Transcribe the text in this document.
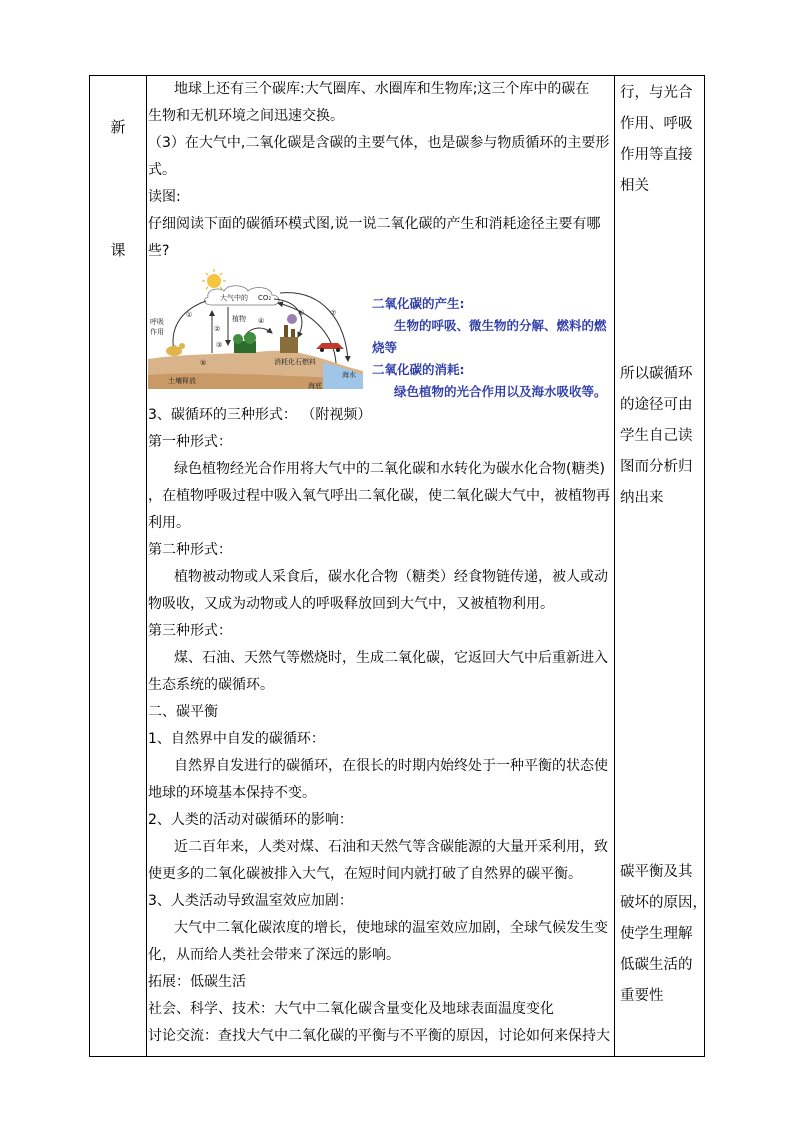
新
课

地球上还有三个碳库:大气圈库、水圈库和生物库;这三个库中的碳在

生物和无机环境之间迅速交换。

（3）在大气中,二氧化碳是含碳的主要气体，也是碳参与物质循环的主要形

式。

读图:

仔细阅读下面的碳循环模式图,说一说二氧化碳的产生和消耗途径主要有哪

些?

大气中的 CO₂
呼吸
作用
植物
消耗化石燃料
土壤释放
海水
海底
①
⑤
②
③
④
⑥	⑦
二氧化碳的产生:
生物的呼吸、微生物的分解、燃料的燃
烧等
二氧化碳的消耗:
绿色植物的光合作用以及海水吸收等。

3、碳循环的三种形式： （附视频）

第一种形式：

绿色植物经光合作用将大气中的二氧化碳和水转化为碳水化合物(糖类)

，在植物呼吸过程中吸入氧气呼出二氧化碳，使二氧化碳大气中，被植物再

利用。

第二种形式：

植物被动物或人采食后，碳水化合物（糖类）经食物链传递，被人或动

物吸收，又成为动物或人的呼吸释放回到大气中，又被植物利用。

第三种形式：

煤、石油、天然气等燃烧时，生成二氧化碳，它返回大气中后重新进入

生态系统的碳循环。

二、碳平衡

1、自然界中自发的碳循环：

自然界自发进行的碳循环，在很长的时期内始终处于一种平衡的状态使

地球的环境基本保持不变。

2、人类的活动对碳循环的影响：

近二百年来，人类对煤、石油和天然气等含碳能源的大量开采利用，致

使更多的二氧化碳被排入大气，在短时间内就打破了自然界的碳平衡。

3、人类活动导致温室效应加剧：

大气中二氧化碳浓度的增长，使地球的温室效应加剧，全球气候发生变

化，从而给人类社会带来了深远的影响。

拓展：低碳生活

社会、科学、技术：大气中二氧化碳含量变化及地球表面温度变化

讨论交流：查找大气中二氧化碳的平衡与不平衡的原因，讨论如何来保持大

行，与光合
作用、呼吸
作用等直接
相关
所以碳循环
的途径可由
学生自己读
图而分析归
纳出来
碳平衡及其
破坏的原因，
使学生理解
低碳生活的
重要性
